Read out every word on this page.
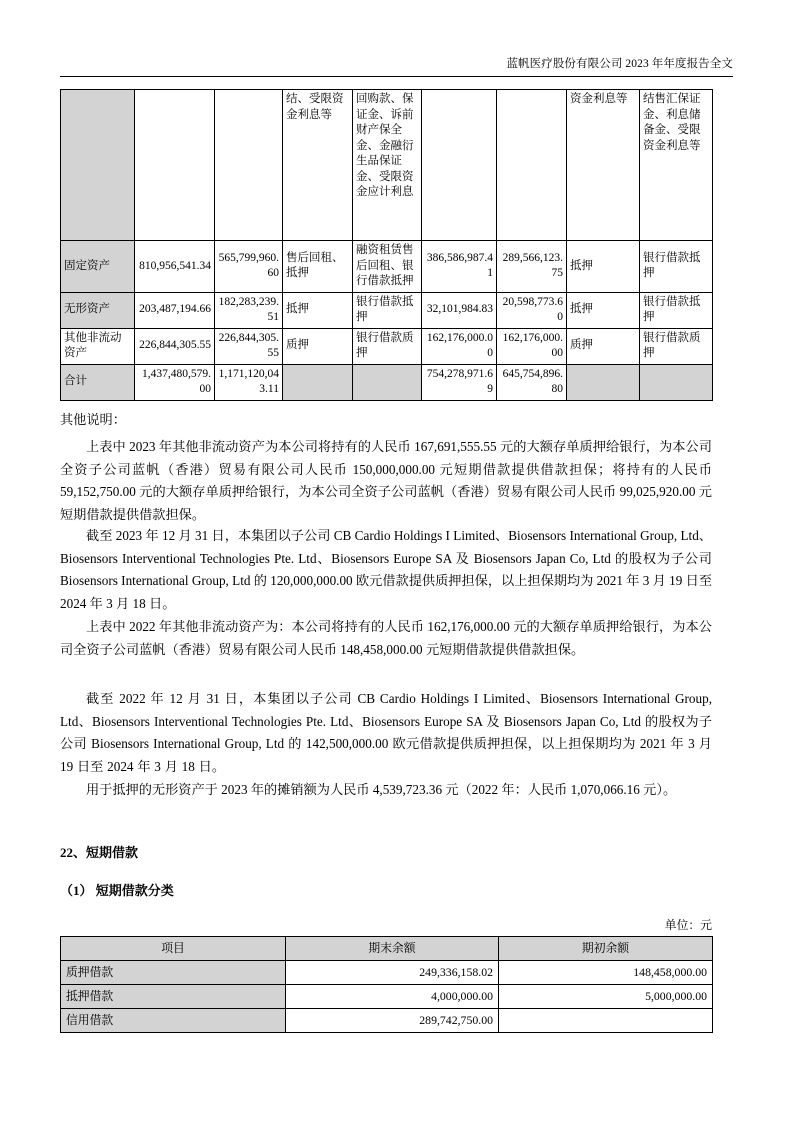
蓝帆医疗股份有限公司 2023 年年度报告全文
			结、受限资金利息等	回购款、保证金、诉前财产保全金、金融衍生品保证金、受限资金应计利息			资金利息等	结售汇保证金、利息储备金、受限资金利息等
固定资产	810,956,541.34	565,799,960.60	售后回租、抵押	融资租赁售后回租、银行借款抵押	386,586,987.41	289,566,123.75	抵押	银行借款抵押
无形资产	203,487,194.66	182,283,239.51	抵押	银行借款抵押	32,101,984.83	20,598,773.60	抵押	银行借款抵押
其他非流动资产	226,844,305.55	226,844,305.55	质押	银行借款质押	162,176,000.00	162,176,000.00	质押	银行借款质押
合计	1,437,480,579.00	1,171,120,043.11			754,278,971.69	645,754,896.80		
其他说明：
上表中 2023 年其他非流动资产为本公司将持有的人民币 167,691,555.55 元的大额存单质押给银行，为本公司全资子公司蓝帆（香港）贸易有限公司人民币 150,000,000.00 元短期借款提供借款担保；将持有的人民币 59,152,750.00 元的大额存单质押给银行，为本公司全资子公司蓝帆（香港）贸易有限公司人民币 99,025,920.00 元短期借款提供借款担保。
截至 2023 年 12 月 31 日，本集团以子公司 CB Cardio Holdings I Limited、Biosensors International Group, Ltd、Biosensors Interventional Technologies Pte. Ltd、Biosensors Europe SA 及 Biosensors Japan Co, Ltd 的股权为子公司 Biosensors International Group, Ltd 的 120,000,000.00 欧元借款提供质押担保，以上担保期均为 2021 年 3 月 19 日至 2024 年 3 月 18 日。
上表中 2022 年其他非流动资产为：本公司将持有的人民币 162,176,000.00 元的大额存单质押给银行，为本公司全资子公司蓝帆（香港）贸易有限公司人民币 148,458,000.00 元短期借款提供借款担保。
截至 2022 年 12 月 31 日，本集团以子公司 CB Cardio Holdings I Limited、Biosensors International Group, Ltd、Biosensors Interventional Technologies Pte. Ltd、Biosensors Europe SA 及 Biosensors Japan Co, Ltd 的股权为子公司 Biosensors International Group, Ltd 的 142,500,000.00 欧元借款提供质押担保，以上担保期均为 2021 年 3 月 19 日至 2024 年 3 月 18 日。
用于抵押的无形资产于 2023 年的摊销额为人民币 4,539,723.36 元（2022 年：人民币 1,070,066.16 元）。
22、短期借款
（1） 短期借款分类
单位：元
项目	期末余额	期初余额
质押借款	249,336,158.02	148,458,000.00
抵押借款	4,000,000.00	5,000,000.00
信用借款	289,742,750.00	
